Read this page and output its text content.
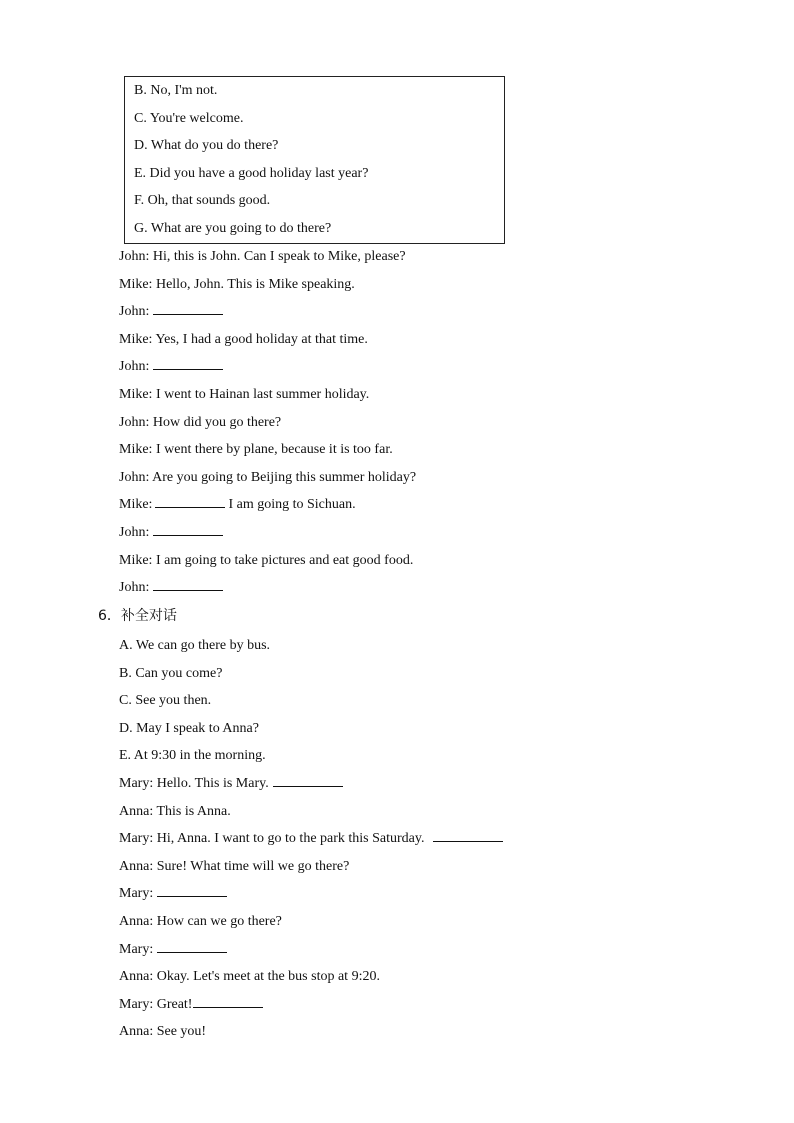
B. No, I'm not.
C. You're welcome.
D. What do you do there?
E. Did you have a good holiday last year?
F. Oh, that sounds good.
G. What are you going to do there?
John: Hi, this is John. Can I speak to Mike, please?
Mike: Hello, John. This is Mike speaking.
John:
Mike: Yes, I had a good holiday at that time.
John:
Mike: I went to Hainan last summer holiday.
John: How did you go there?
Mike: I went there by plane, because it is too far.
John: Are you going to Beijing this summer holiday?
Mike:	I am going to Sichuan.
John:
Mike: I am going to take pictures and eat good food.
John:
6．补全对话
A. We can go there by bus.
B. Can you come?
C. See you then.
D. May I speak to Anna?
E. At 9:30 in the morning.
Mary: Hello. This is Mary.
Anna: This is Anna.
Mary: Hi, Anna. I want to go to the park this Saturday.
Anna: Sure! What time will we go there?
Mary:
Anna: How can we go there?
Mary:
Anna: Okay. Let's meet at the bus stop at 9:20.
Mary: Great!
Anna: See you!
